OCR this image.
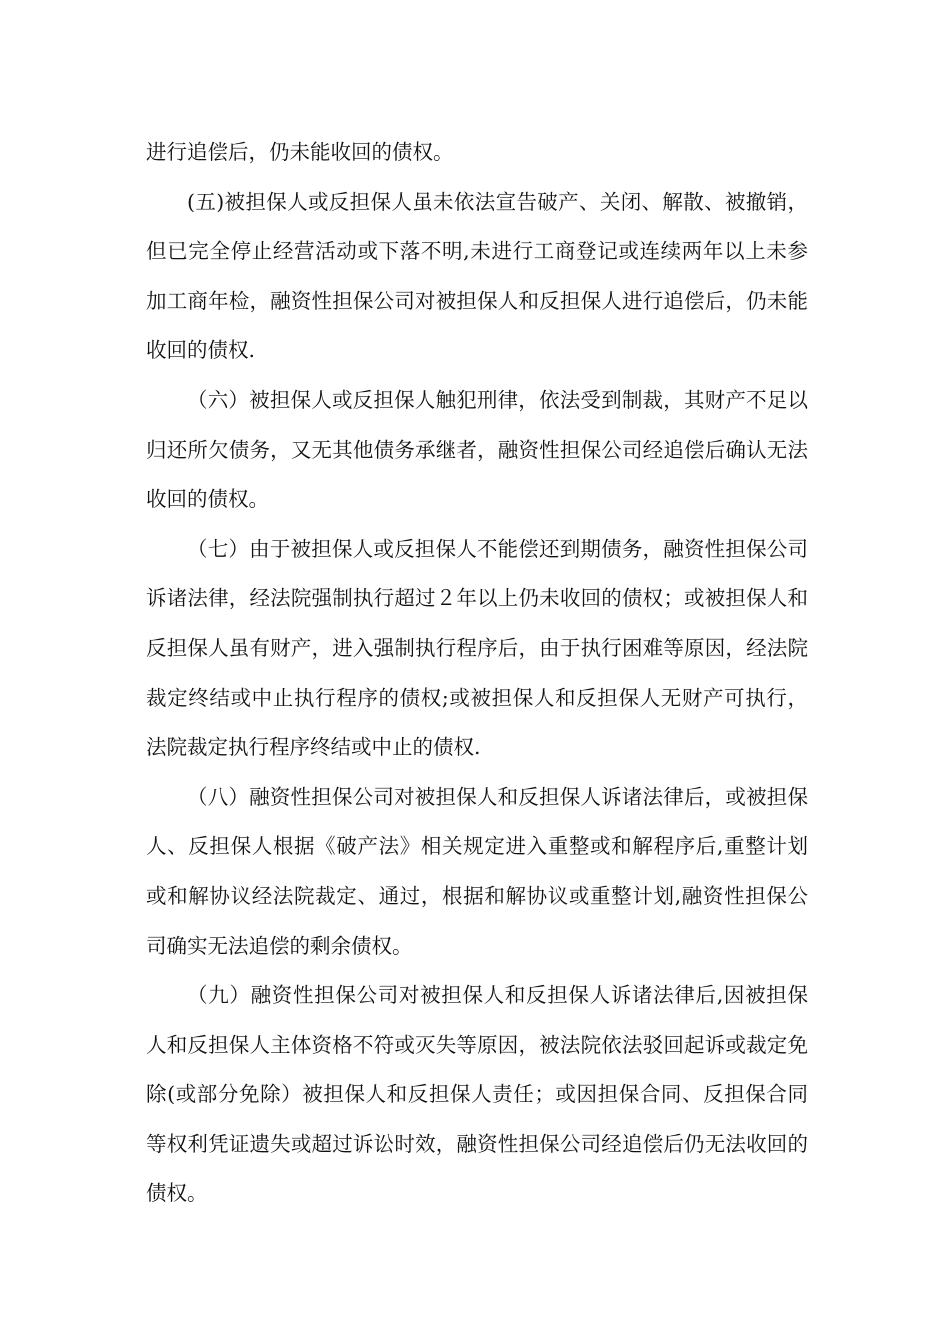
进行追偿后，仍未能收回的债权。

(五)被担保人或反担保人虽未依法宣告破产、关闭、解散、被撤销，但已完全停止经营活动或下落不明,未进行工商登记或连续两年以上未参加工商年检，融资性担保公司对被担保人和反担保人进行追偿后，仍未能收回的债权.

（六）被担保人或反担保人触犯刑律，依法受到制裁，其财产不足以归还所欠债务，又无其他债务承继者，融资性担保公司经追偿后确认无法收回的债权。

（七）由于被担保人或反担保人不能偿还到期债务，融资性担保公司诉诸法律，经法院强制执行超过２年以上仍未收回的债权；或被担保人和反担保人虽有财产，进入强制执行程序后，由于执行困难等原因，经法院裁定终结或中止执行程序的债权;或被担保人和反担保人无财产可执行，法院裁定执行程序终结或中止的债权.

（八）融资性担保公司对被担保人和反担保人诉诸法律后，或被担保人、反担保人根据《破产法》相关规定进入重整或和解程序后,重整计划或和解协议经法院裁定、通过，根据和解协议或重整计划,融资性担保公司确实无法追偿的剩余债权。

（九）融资性担保公司对被担保人和反担保人诉诸法律后,因被担保人和反担保人主体资格不符或灭失等原因，被法院依法驳回起诉或裁定免除(或部分免除）被担保人和反担保人责任；或因担保合同、反担保合同等权利凭证遗失或超过诉讼时效，融资性担保公司经追偿后仍无法收回的债权。
